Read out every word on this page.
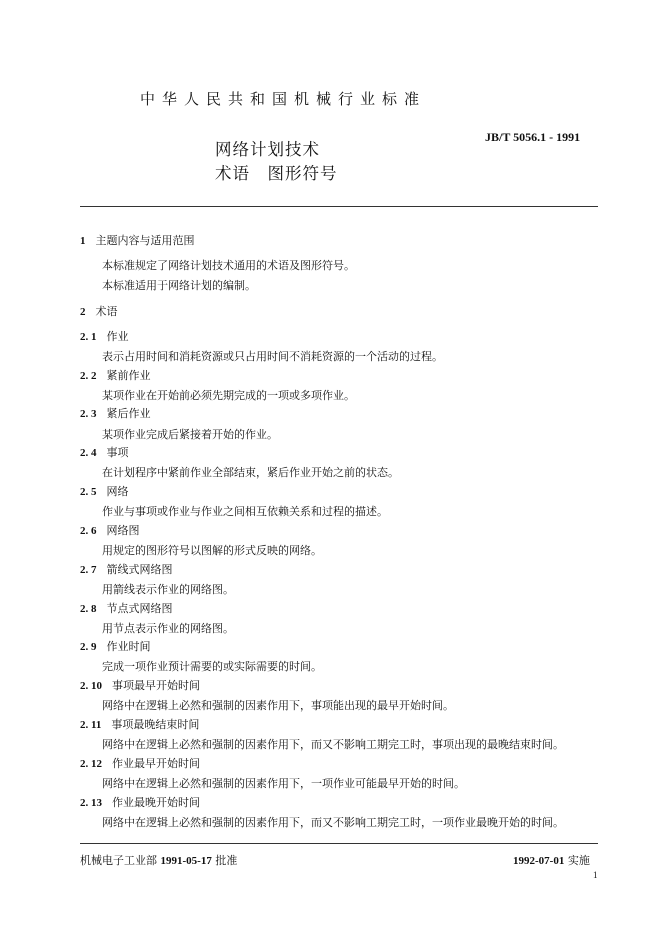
中华人民共和国机械行业标准
JB/T 5056.1 - 1991
网络计划技术
术语　图形符号
1 主题内容与适用范围
本标准规定了网络计划技术通用的术语及图形符号。
本标准适用于网络计划的编制。
2 术语
2. 1 作业
表示占用时间和消耗资源或只占用时间不消耗资源的一个活动的过程。
2. 2 紧前作业
某项作业在开始前必须先期完成的一项或多项作业。
2. 3 紧后作业
某项作业完成后紧接着开始的作业。
2. 4 事项
在计划程序中紧前作业全部结束，紧后作业开始之前的状态。
2. 5 网络
作业与事项或作业与作业之间相互依赖关系和过程的描述。
2. 6 网络图
用规定的图形符号以图解的形式反映的网络。
2. 7 箭线式网络图
用箭线表示作业的网络图。
2. 8 节点式网络图
用节点表示作业的网络图。
2. 9 作业时间
完成一项作业预计需要的或实际需要的时间。
2. 10 事项最早开始时间
网络中在逻辑上必然和强制的因素作用下，事项能出现的最早开始时间。
2. 11 事项最晚结束时间
网络中在逻辑上必然和强制的因素作用下，而又不影响工期完工时，事项出现的最晚结束时间。
2. 12 作业最早开始时间
网络中在逻辑上必然和强制的因素作用下，一项作业可能最早开始的时间。
2. 13 作业最晚开始时间
网络中在逻辑上必然和强制的因素作用下，而又不影响工期完工时，一项作业最晚开始的时间。
机械电子工业部 1991-05-17 批准	1992-07-01 实施
1
